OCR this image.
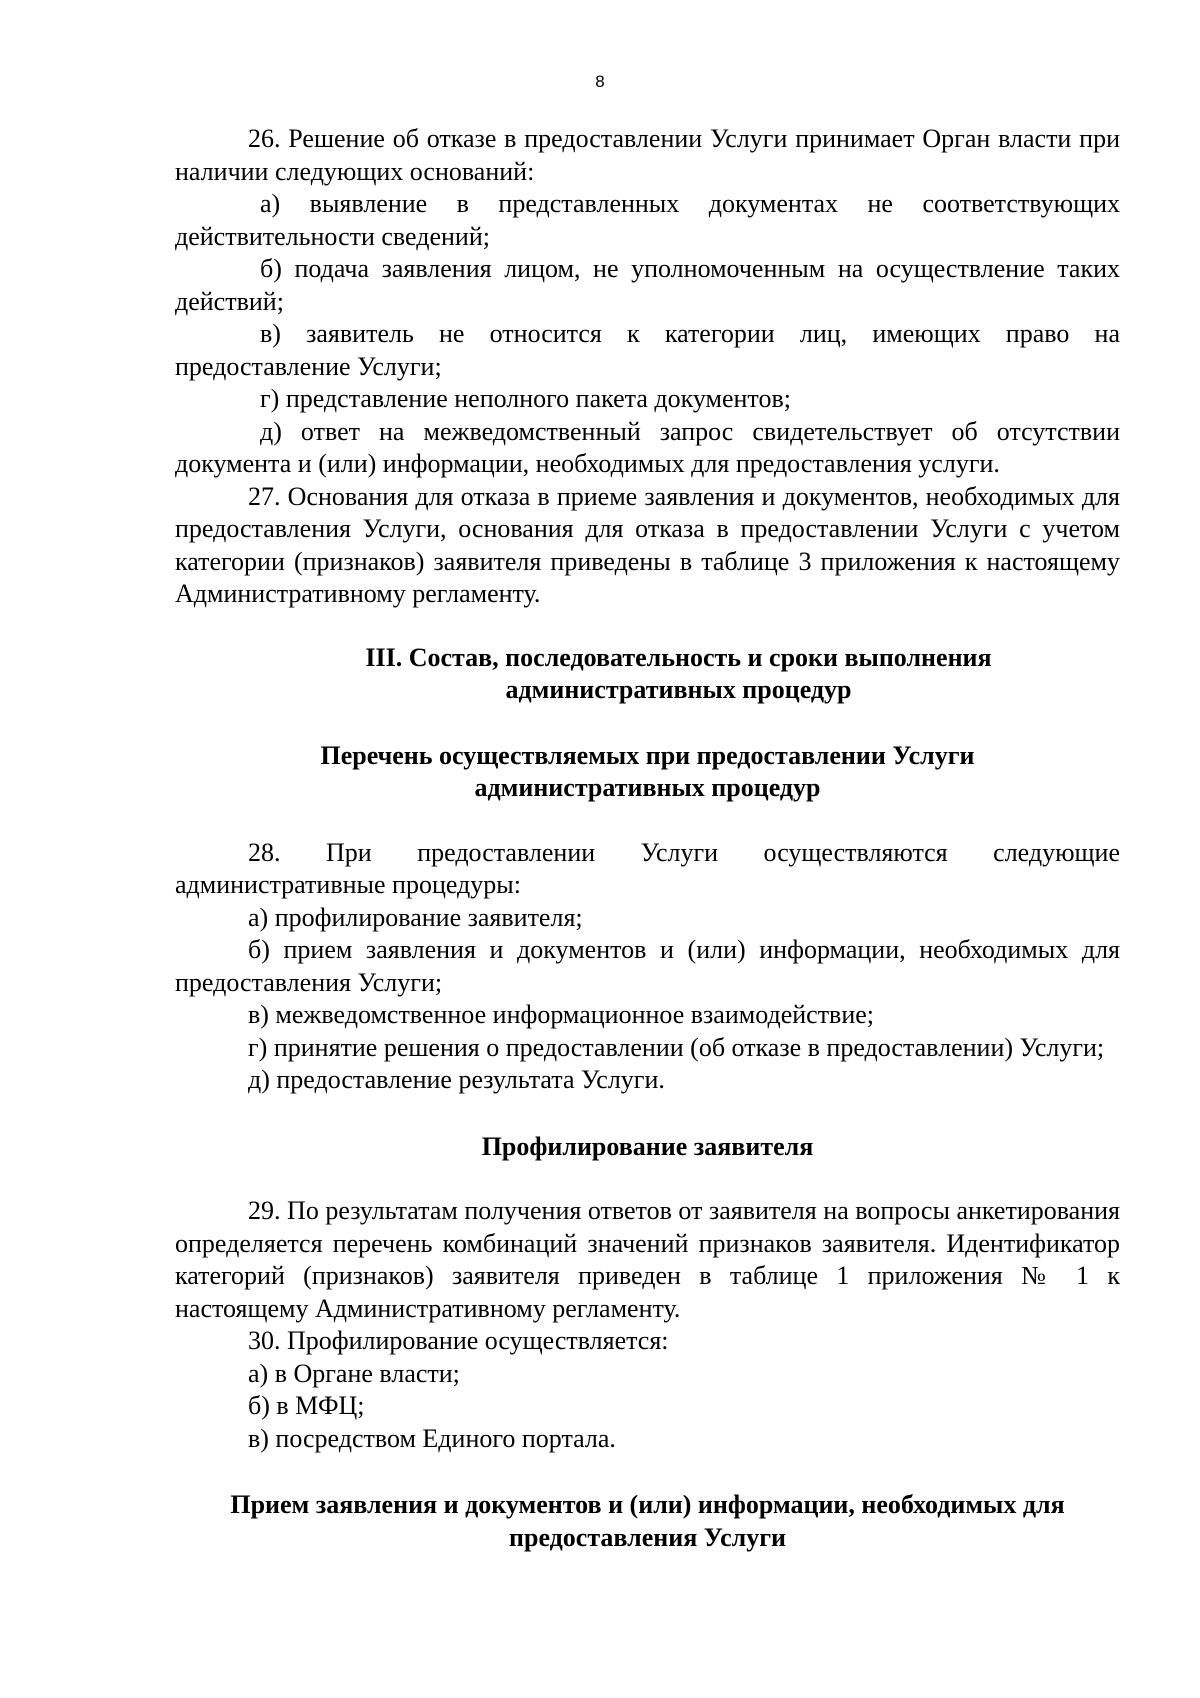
8

26. Решение об отказе в предоставлении Услуги принимает Орган власти при наличии следующих оснований:

а) выявление в представленных документах не соответствующих действительности сведений;

б) подача заявления лицом, не уполномоченным на осуществление таких действий;

в) заявитель не относится к категории лиц, имеющих право на предоставление Услуги;

г) представление неполного пакета документов;

д) ответ на межведомственный запрос свидетельствует об отсутствии документа и (или) информации, необходимых для предоставления услуги.

27. Основания для отказа в приеме заявления и документов, необходимых для предоставления Услуги, основания для отказа в предоставлении Услуги с учетом категории (признаков) заявителя приведены в таблице 3 приложения к настоящему Административному регламенту.

III. Состав, последовательность и сроки выполнения
административных процедур
Перечень осуществляемых при предоставлении Услуги
административных процедур

28. При предоставлении Услуги осуществляются следующие административные процедуры:

а) профилирование заявителя;

б) прием заявления и документов и (или) информации, необходимых для предоставления Услуги;

в) межведомственное информационное взаимодействие;

г) принятие решения о предоставлении (об отказе в предоставлении) Услуги;

д) предоставление результата Услуги.

Профилирование заявителя

29. По результатам получения ответов от заявителя на вопросы анкетирования определяется перечень комбинаций значений признаков заявителя. Идентификатор категорий (признаков) заявителя приведен в таблице 1 приложения № 1 к настоящему Административному регламенту.

30. Профилирование осуществляется:

а) в Органе власти;

б) в МФЦ;

в) посредством Единого портала.

Прием заявления и документов и (или) информации, необходимых для
предоставления Услуги
